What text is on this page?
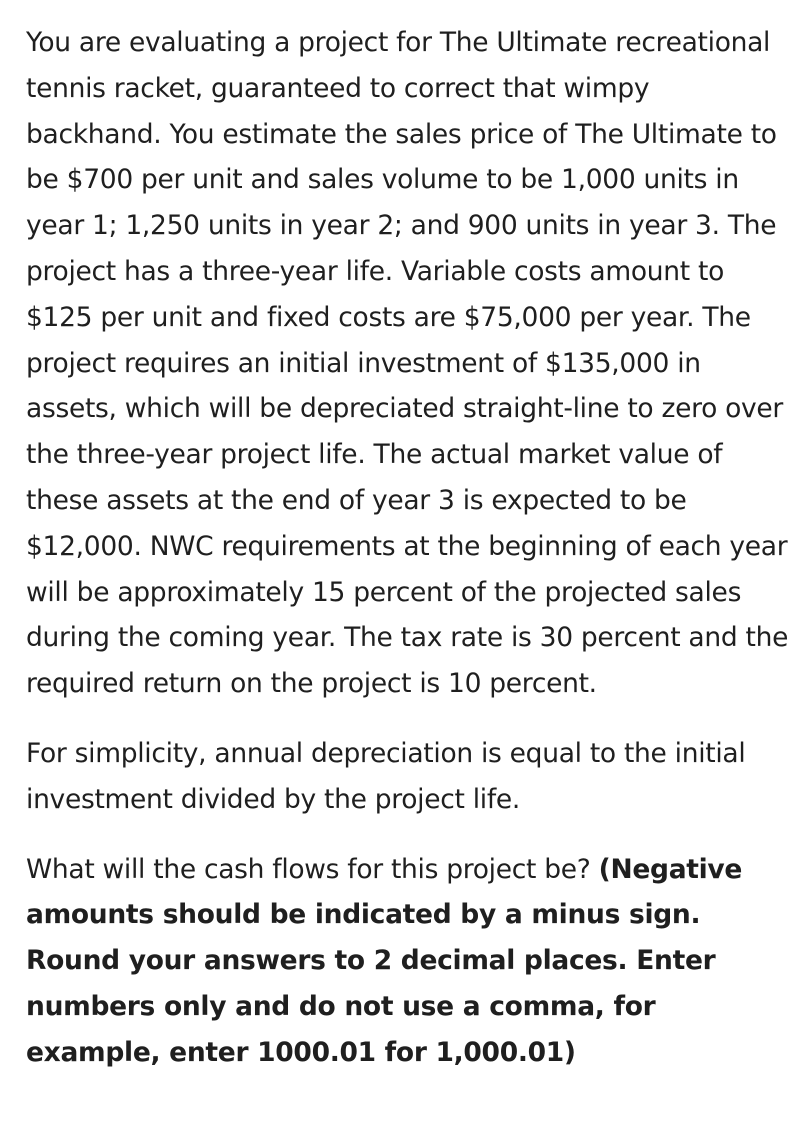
You are evaluating a project for The Ultimate recreational tennis racket, guaranteed to correct that wimpy backhand. You estimate the sales price of The Ultimate to be $700 per unit and sales volume to be 1,000 units in year 1; 1,250 units in year 2; and 900 units in year 3. The project has a three-year life. Variable costs amount to $125 per unit and fixed costs are $75,000 per year. The project requires an initial investment of $135,000 in assets, which will be depreciated straight-line to zero over the three-year project life. The actual market value of these assets at the end of year 3 is expected to be $12,000. NWC requirements at the beginning of each year will be approximately 15 percent of the projected sales during the coming year. The tax rate is 30 percent and the required return on the project is 10 percent.

For simplicity, annual depreciation is equal to the initial investment divided by the project life.

What will the cash flows for this project be? (Negative amounts should be indicated by a minus sign. Round your answers to 2 decimal places. Enter numbers only and do not use a comma, for example, enter 1000.01 for 1,000.01)
